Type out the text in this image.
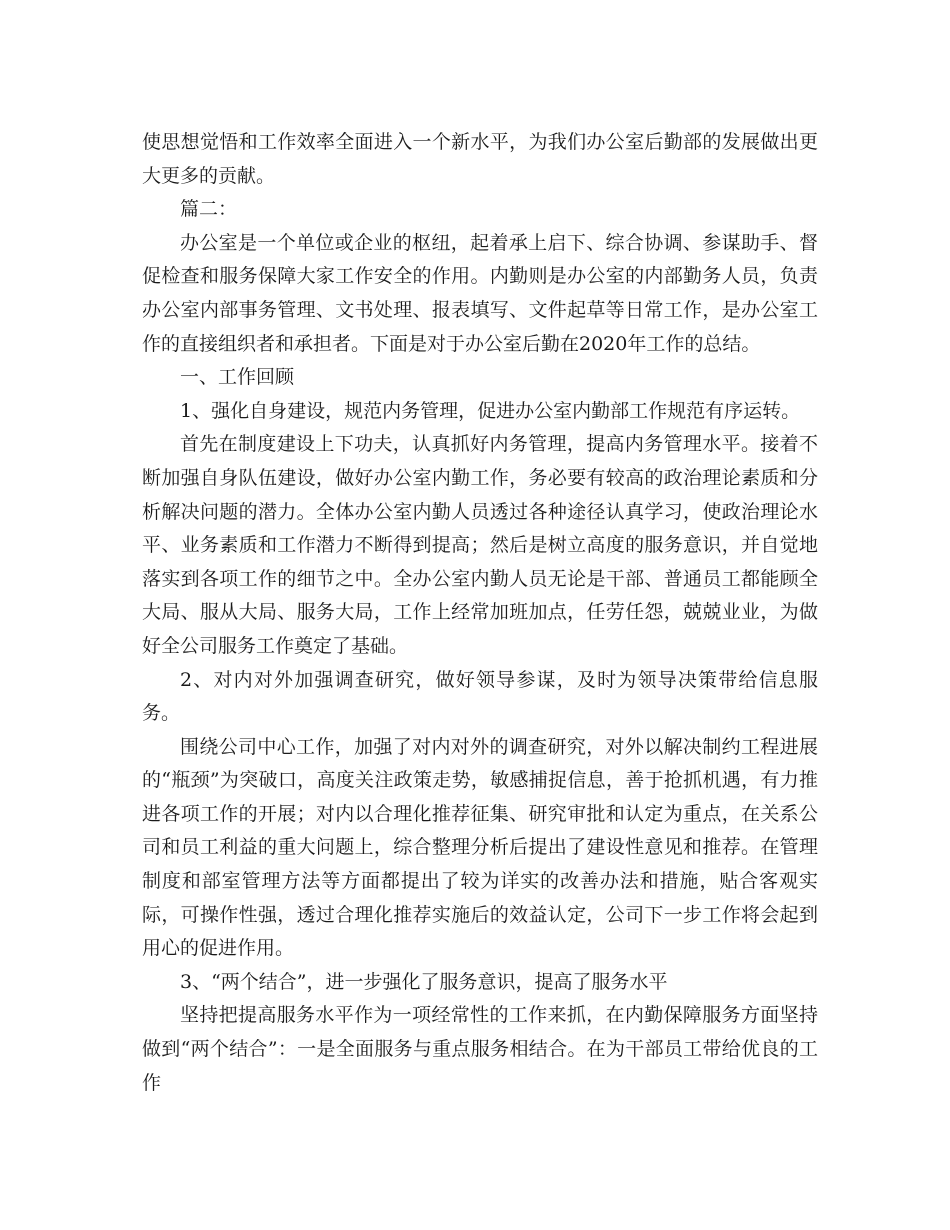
使思想觉悟和工作效率全面进入一个新水平，为我们办公室后勤部的发展做出更大更多的贡献。

篇二：

办公室是一个单位或企业的枢纽，起着承上启下、综合协调、参谋助手、督促检查和服务保障大家工作安全的作用。内勤则是办公室的内部勤务人员，负责办公室内部事务管理、文书处理、报表填写、文件起草等日常工作，是办公室工作的直接组织者和承担者。下面是对于办公室后勤在2020年工作的总结。

一、工作回顾

1、强化自身建设，规范内务管理，促进办公室内勤部工作规范有序运转。

首先在制度建设上下功夫，认真抓好内务管理，提高内务管理水平。接着不断加强自身队伍建设，做好办公室内勤工作，务必要有较高的政治理论素质和分析解决问题的潜力。全体办公室内勤人员透过各种途径认真学习，使政治理论水平、业务素质和工作潜力不断得到提高；然后是树立高度的服务意识，并自觉地落实到各项工作的细节之中。全办公室内勤人员无论是干部、普通员工都能顾全大局、服从大局、服务大局，工作上经常加班加点，任劳任怨，兢兢业业，为做好全公司服务工作奠定了基础。

2、对内对外加强调查研究，做好领导参谋，及时为领导决策带给信息服务。

围绕公司中心工作，加强了对内对外的调查研究，对外以解决制约工程进展的“瓶颈”为突破口，高度关注政策走势，敏感捕捉信息，善于抢抓机遇，有力推进各项工作的开展；对内以合理化推荐征集、研究审批和认定为重点，在关系公司和员工利益的重大问题上，综合整理分析后提出了建设性意见和推荐。在管理制度和部室管理方法等方面都提出了较为详实的改善办法和措施，贴合客观实际，可操作性强，透过合理化推荐实施后的效益认定，公司下一步工作将会起到用心的促进作用。

3、“两个结合”，进一步强化了服务意识，提高了服务水平

坚持把提高服务水平作为一项经常性的工作来抓，在内勤保障服务方面坚持做到“两个结合”：一是全面服务与重点服务相结合。在为干部员工带给优良的工作
